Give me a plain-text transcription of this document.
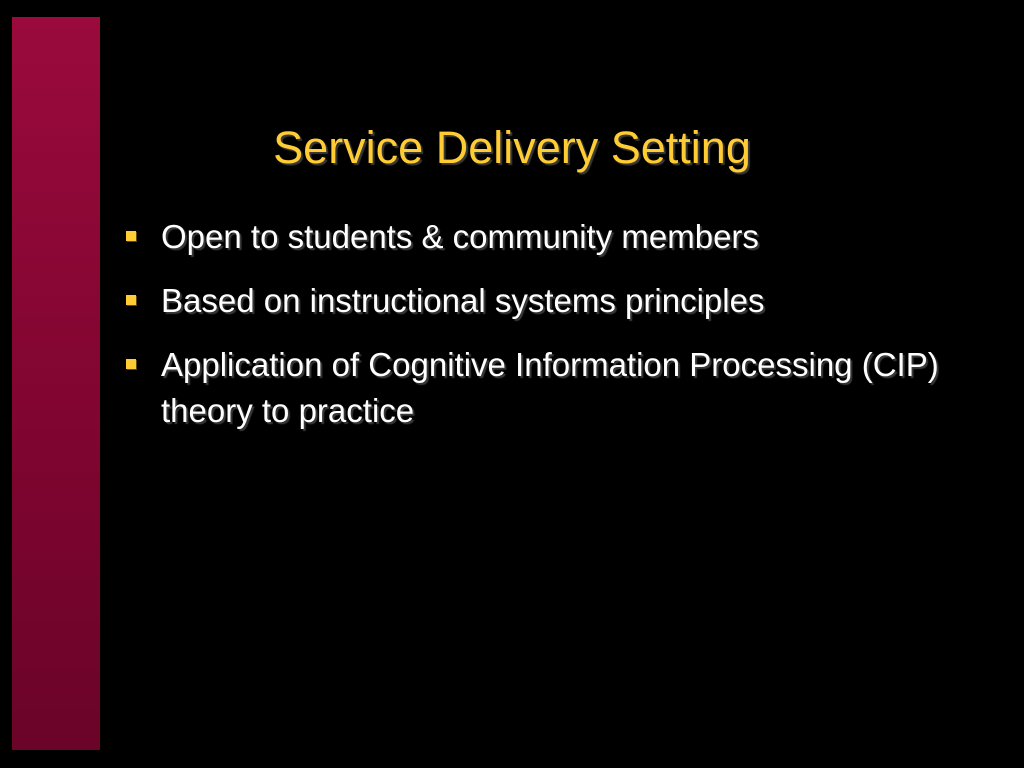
Service Delivery Setting
Open to students & community members
Based on instructional systems principles
Application of Cognitive Information Processing (CIP) theory to practice
